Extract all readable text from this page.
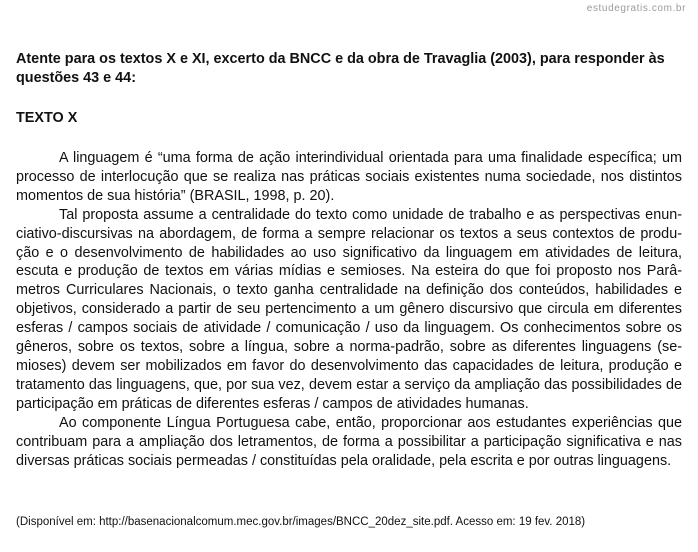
estudegratis.com.br

Atente para os textos X e XI, excerto da BNCC e da obra de Travaglia (2003), para responder às questões 43 e 44:

TEXTO X

A linguagem é “uma forma de ação interindividual orientada para uma finalidade específica; um processo de interlocução que se realiza nas práticas sociais existentes numa sociedade, nos distintos momentos de sua história” (BRASIL, 1998, p. 20).

Tal proposta assume a centralidade do texto como unidade de trabalho e as perspectivas enunciativo-discursivas na abordagem, de forma a sempre relacionar os textos a seus contextos de produção e o desenvolvimento de habilidades ao uso significativo da linguagem em atividades de leitura, escuta e produção de textos em várias mídias e semioses. Na esteira do que foi proposto nos Parâmetros Curriculares Nacionais, o texto ganha centralidade na definição dos conteúdos, habilidades e objetivos, considerado a partir de seu pertencimento a um gênero discursivo que circula em diferentes esferas / campos sociais de atividade / comunicação / uso da linguagem. Os conhecimentos sobre os gêneros, sobre os textos, sobre a língua, sobre a norma-padrão, sobre as diferentes linguagens (semioses) devem ser mobilizados em favor do desenvolvimento das capacidades de leitura, produção e tratamento das linguagens, que, por sua vez, devem estar a serviço da ampliação das possibilidades de participação em práticas de diferentes esferas / campos de atividades humanas.

Ao componente Língua Portuguesa cabe, então, proporcionar aos estudantes experiências que contribuam para a ampliação dos letramentos, de forma a possibilitar a participação significativa e nas diversas práticas sociais permeadas / constituídas pela oralidade, pela escrita e por outras linguagens.

(Disponível em: http://basenacionalcomum.mec.gov.br/images/BNCC_20dez_site.pdf. Acesso em: 19 fev. 2018)
